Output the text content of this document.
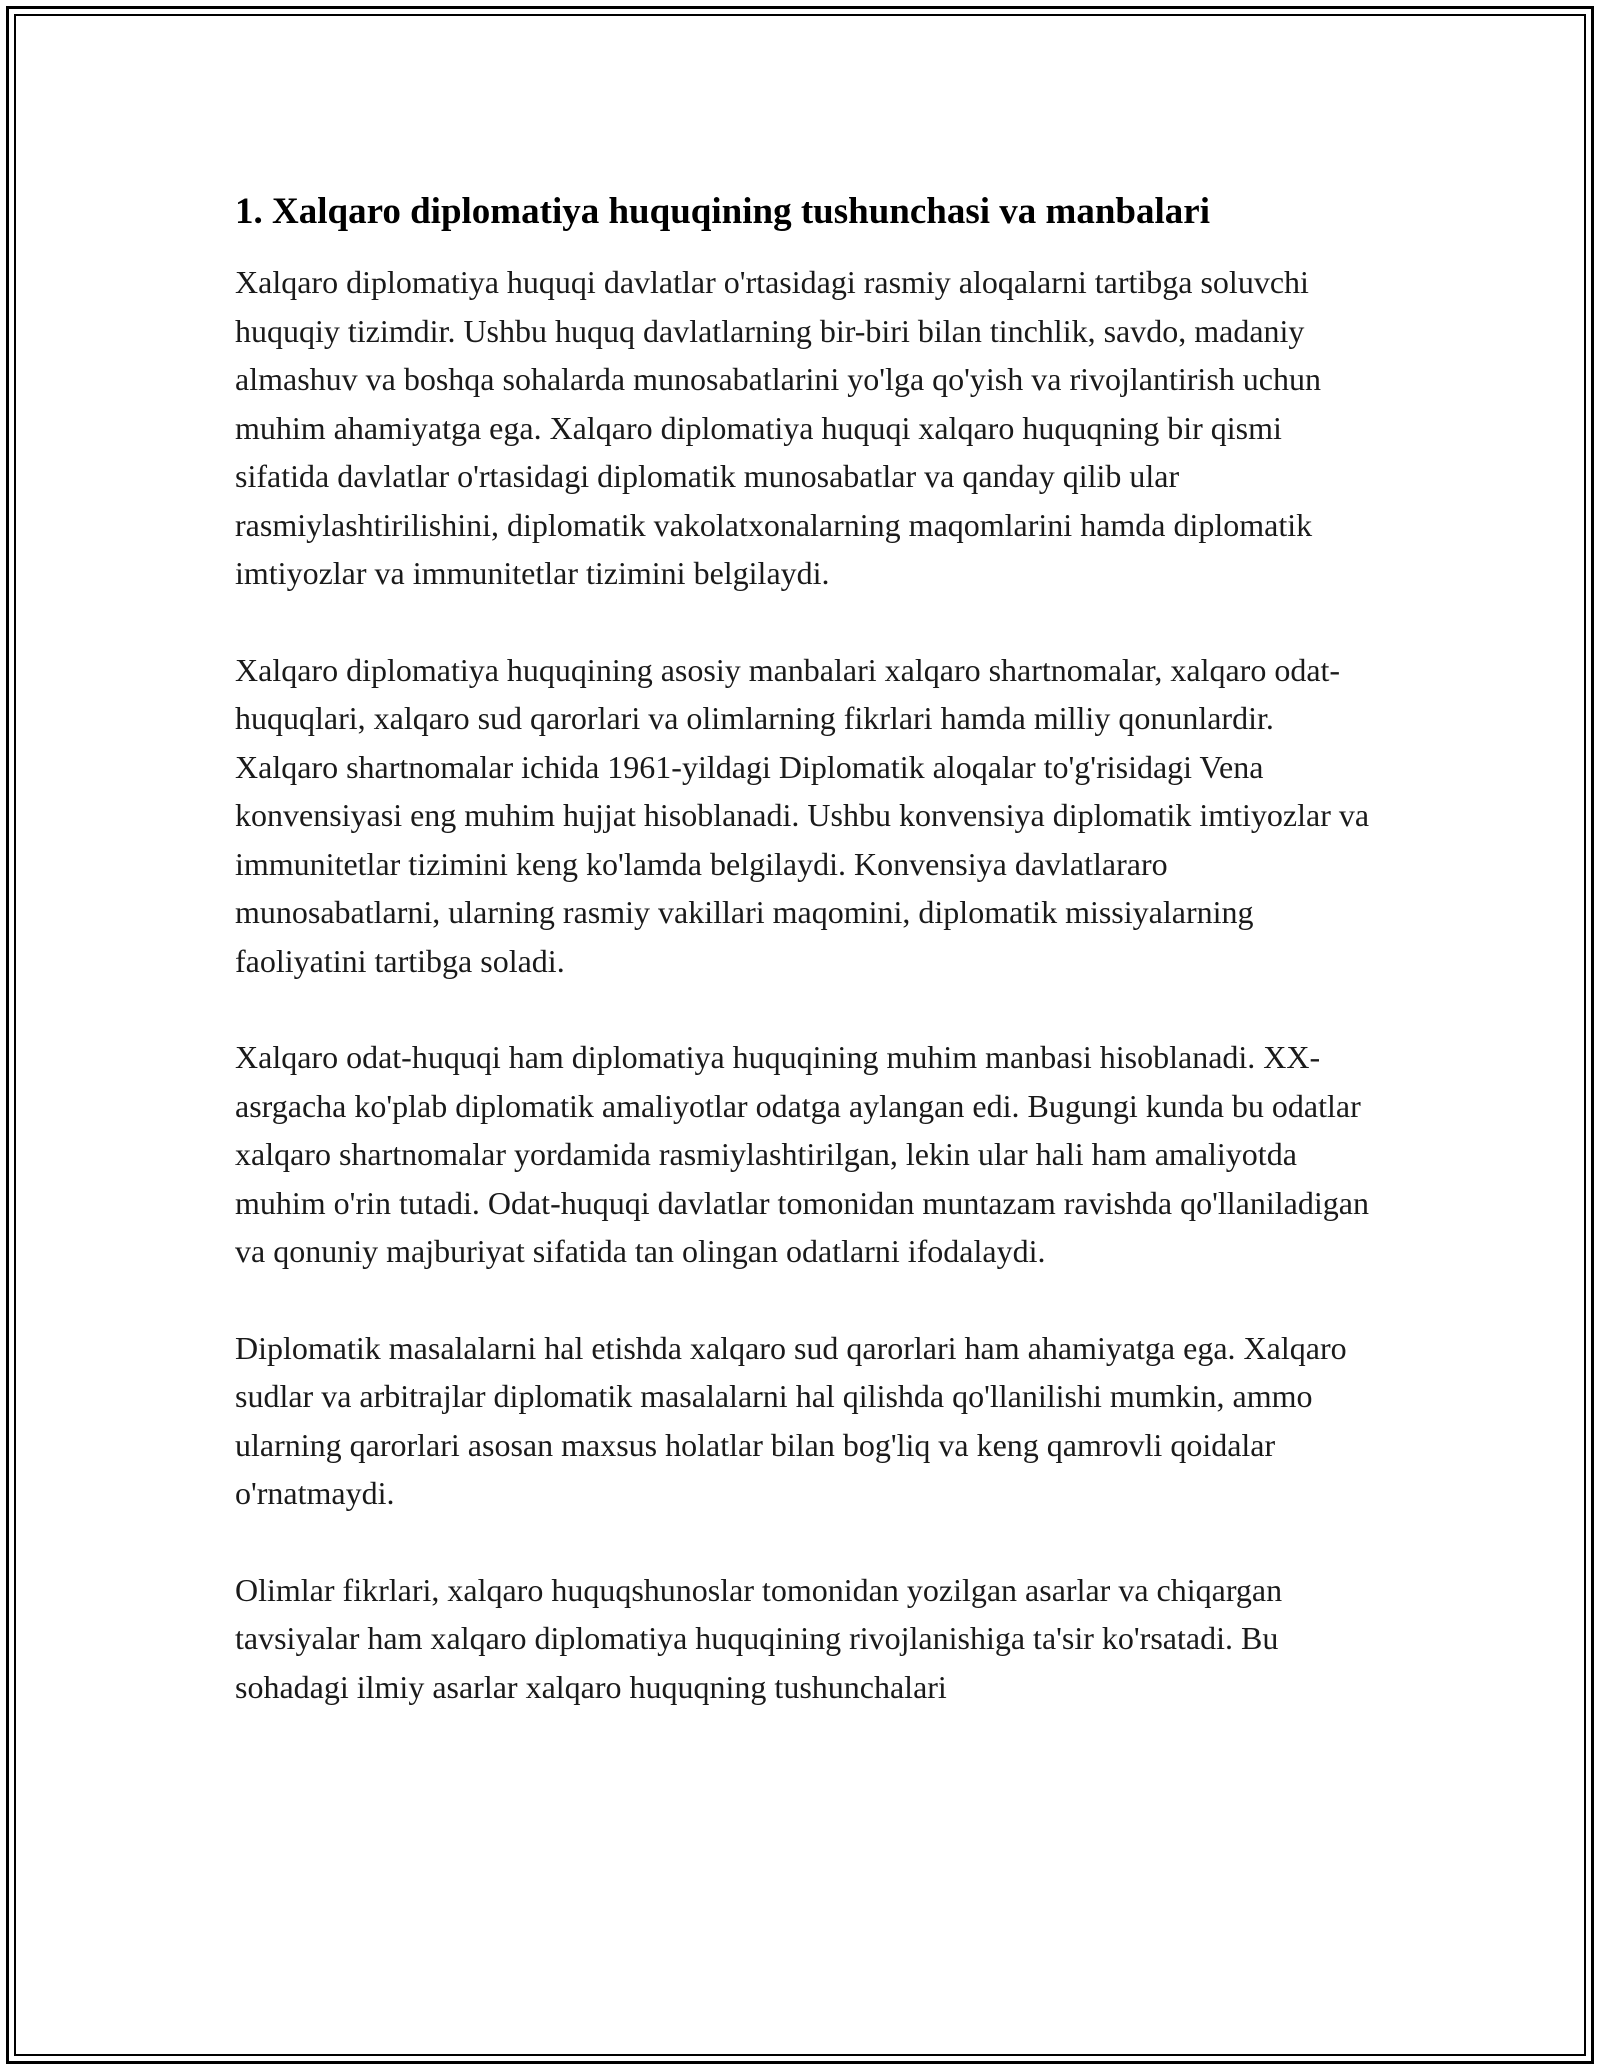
1. Xalqaro diplomatiya huquqining tushunchasi va manbalari

Xalqaro diplomatiya huquqi davlatlar o'rtasidagi rasmiy aloqalarni tartibga soluvchi huquqiy tizimdir. Ushbu huquq davlatlarning bir-biri bilan tinchlik, savdo, madaniy almashuv va boshqa sohalarda munosabatlarini yo'lga qo'yish va rivojlantirish uchun muhim ahamiyatga ega. Xalqaro diplomatiya huquqi xalqaro huquqning bir qismi sifatida davlatlar o'rtasidagi diplomatik munosabatlar va qanday qilib ular rasmiylashtirilishini, diplomatik vakolatxonalarning maqomlarini hamda diplomatik imtiyozlar va immunitetlar tizimini belgilaydi.

Xalqaro diplomatiya huquqining asosiy manbalari xalqaro shartnomalar, xalqaro odat-huquqlari, xalqaro sud qarorlari va olimlarning fikrlari hamda milliy qonunlardir. Xalqaro shartnomalar ichida 1961-yildagi Diplomatik aloqalar to'g'risidagi Vena konvensiyasi eng muhim hujjat hisoblanadi. Ushbu konvensiya diplomatik imtiyozlar va immunitetlar tizimini keng ko'lamda belgilaydi. Konvensiya davlatlararo munosabatlarni, ularning rasmiy vakillari maqomini, diplomatik missiyalarning faoliyatini tartibga soladi.

Xalqaro odat-huquqi ham diplomatiya huquqining muhim manbasi hisoblanadi. XX-asrgacha ko'plab diplomatik amaliyotlar odatga aylangan edi. Bugungi kunda bu odatlar xalqaro shartnomalar yordamida rasmiylashtirilgan, lekin ular hali ham amaliyotda muhim o'rin tutadi. Odat-huquqi davlatlar tomonidan muntazam ravishda qo'llaniladigan va qonuniy majburiyat sifatida tan olingan odatlarni ifodalaydi.

Diplomatik masalalarni hal etishda xalqaro sud qarorlari ham ahamiyatga ega. Xalqaro sudlar va arbitrajlar diplomatik masalalarni hal qilishda qo'llanilishi mumkin, ammo ularning qarorlari asosan maxsus holatlar bilan bog'liq va keng qamrovli qoidalar o'rnatmaydi.

Olimlar fikrlari, xalqaro huquqshunoslar tomonidan yozilgan asarlar va chiqargan tavsiyalar ham xalqaro diplomatiya huquqining rivojlanishiga ta'sir ko'rsatadi. Bu sohadagi ilmiy asarlar xalqaro huquqning tushunchalari
